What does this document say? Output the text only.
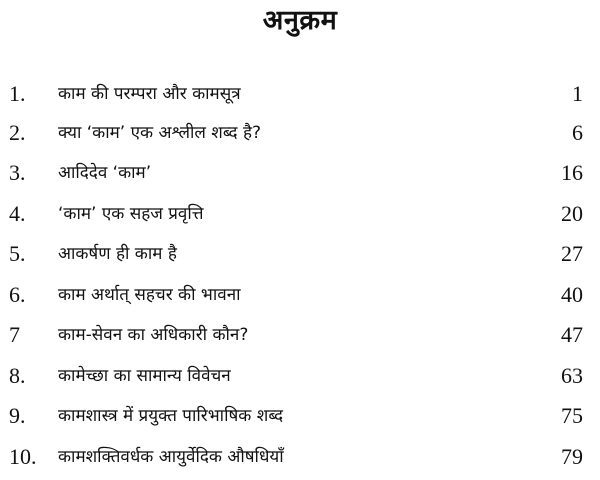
अनुक्रम
1. काम की परम्परा और कामसूत्र	1
2. क्या ‘काम’ एक अश्लील शब्द है?	6
3. आदिदेव ‘काम’	16
4. ‘काम’ एक सहज प्रवृत्ति	20
5. आकर्षण ही काम है	27
6. काम अर्थात् सहचर की भावना	40
7 काम-सेवन का अधिकारी कौन?	47
8. कामेच्छा का सामान्य विवेचन	63
9. कामशास्त्र में प्रयुक्त पारिभाषिक शब्द	75
10. कामशक्तिवर्धक आयुर्वेदिक औषधियाँ	79
